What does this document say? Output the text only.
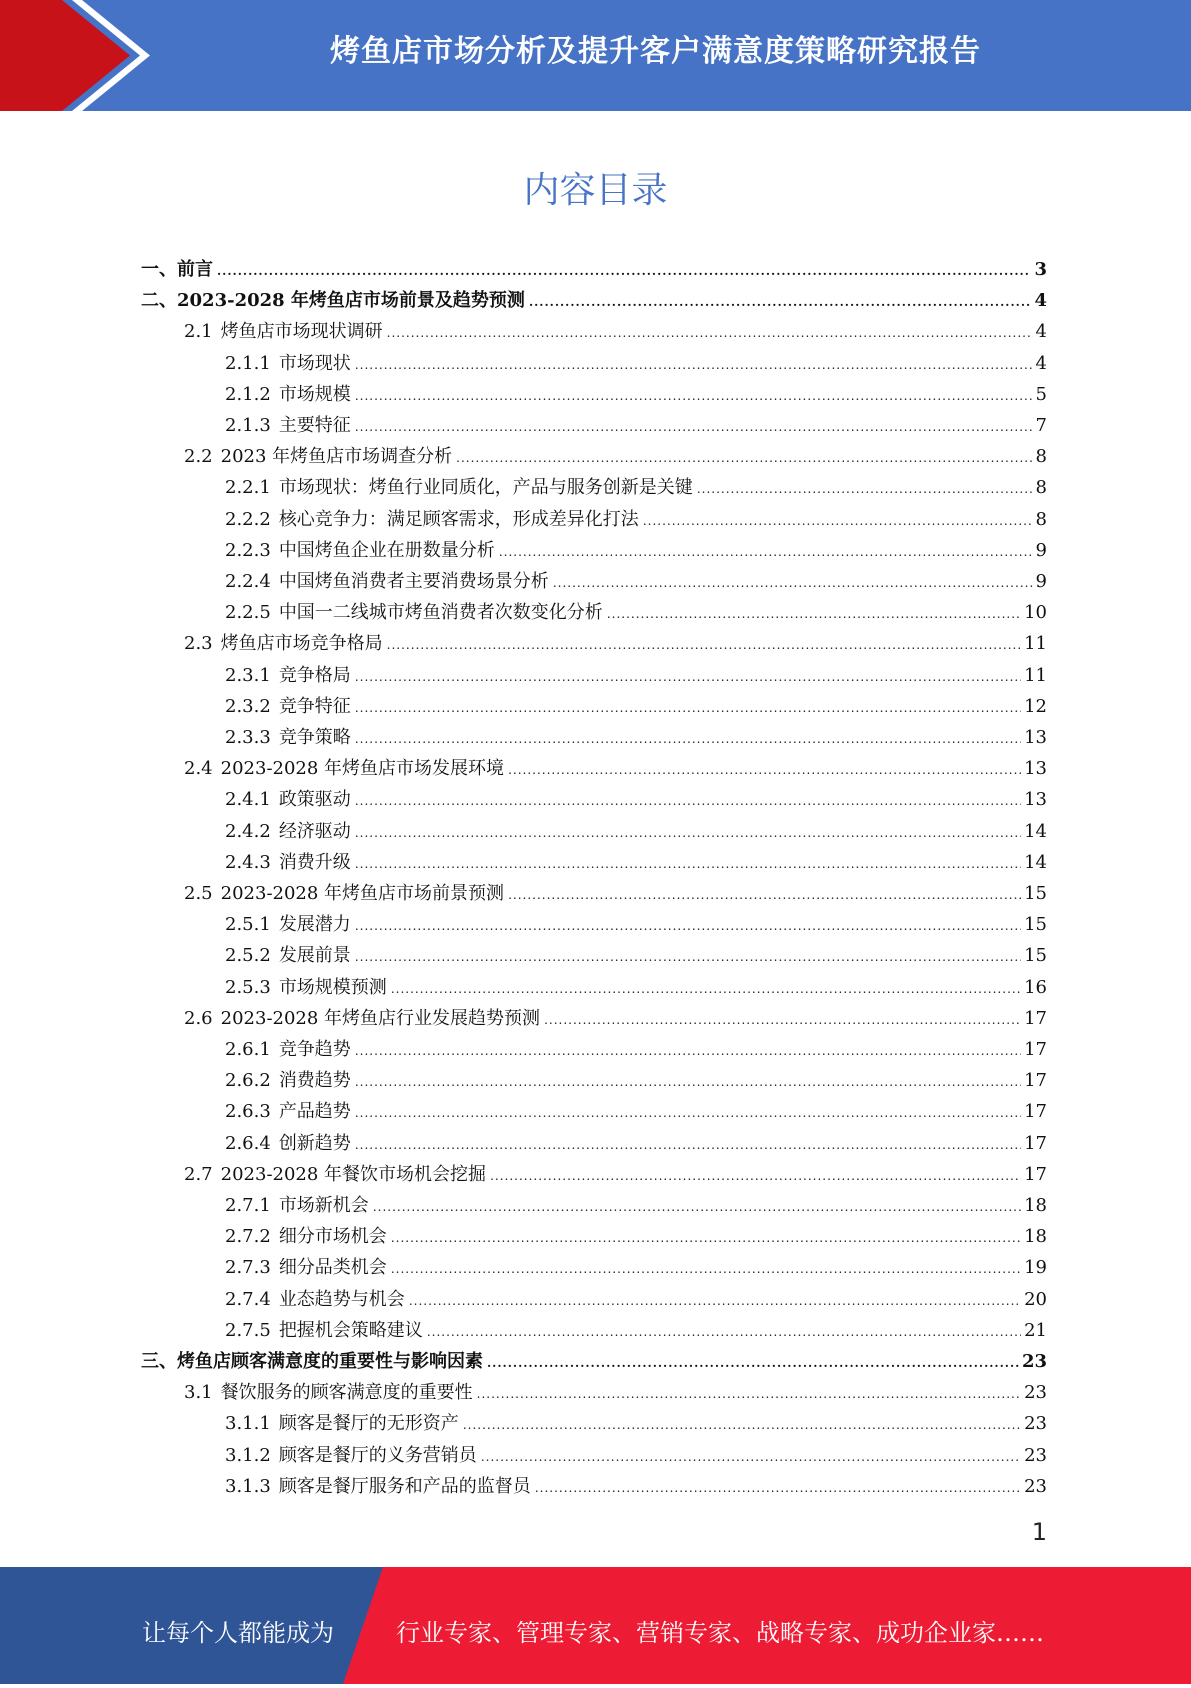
烤鱼店市场分析及提升客户满意度策略研究报告
内容目录
一、前言 .....	3
二、2023-2028 年烤鱼店市场前景及趋势预测 .....	4
2.1 烤鱼店市场现状调研 .....	4
2.1.1 市场现状 .....	4
2.1.2 市场规模 .....	5
2.1.3 主要特征 .....	7
2.2 2023 年烤鱼店市场调查分析 .....	8
2.2.1 市场现状：烤鱼行业同质化，产品与服务创新是关键 .....	8
2.2.2 核心竞争力：满足顾客需求，形成差异化打法 .....	8
2.2.3 中国烤鱼企业在册数量分析 .....	9
2.2.4 中国烤鱼消费者主要消费场景分析 .....	9
2.2.5 中国一二线城市烤鱼消费者次数变化分析 .....	10
2.3 烤鱼店市场竞争格局 .....	11
2.3.1 竞争格局 .....	11
2.3.2 竞争特征 .....	12
2.3.3 竞争策略 .....	13
2.4 2023-2028 年烤鱼店市场发展环境 .....	13
2.4.1 政策驱动 .....	13
2.4.2 经济驱动 .....	14
2.4.3 消费升级 .....	14
2.5 2023-2028 年烤鱼店市场前景预测 .....	15
2.5.1 发展潜力 .....	15
2.5.2 发展前景 .....	15
2.5.3 市场规模预测 .....	16
2.6 2023-2028 年烤鱼店行业发展趋势预测 .....	17
2.6.1 竞争趋势 .....	17
2.6.2 消费趋势 .....	17
2.6.3 产品趋势 .....	17
2.6.4 创新趋势 .....	17
2.7 2023-2028 年餐饮市场机会挖掘 .....	17
2.7.1 市场新机会 .....	18
2.7.2 细分市场机会 .....	18
2.7.3 细分品类机会 .....	19
2.7.4 业态趋势与机会 .....	20
2.7.5 把握机会策略建议 .....	21
三、烤鱼店顾客满意度的重要性与影响因素 .....	23
3.1 餐饮服务的顾客满意度的重要性 .....	23
3.1.1 顾客是餐厅的无形资产 .....	23
3.1.2 顾客是餐厅的义务营销员 .....	23
3.1.3 顾客是餐厅服务和产品的监督员 .....	23
1
让每个人都能成为	行业专家、管理专家、营销专家、战略专家、成功企业家……
